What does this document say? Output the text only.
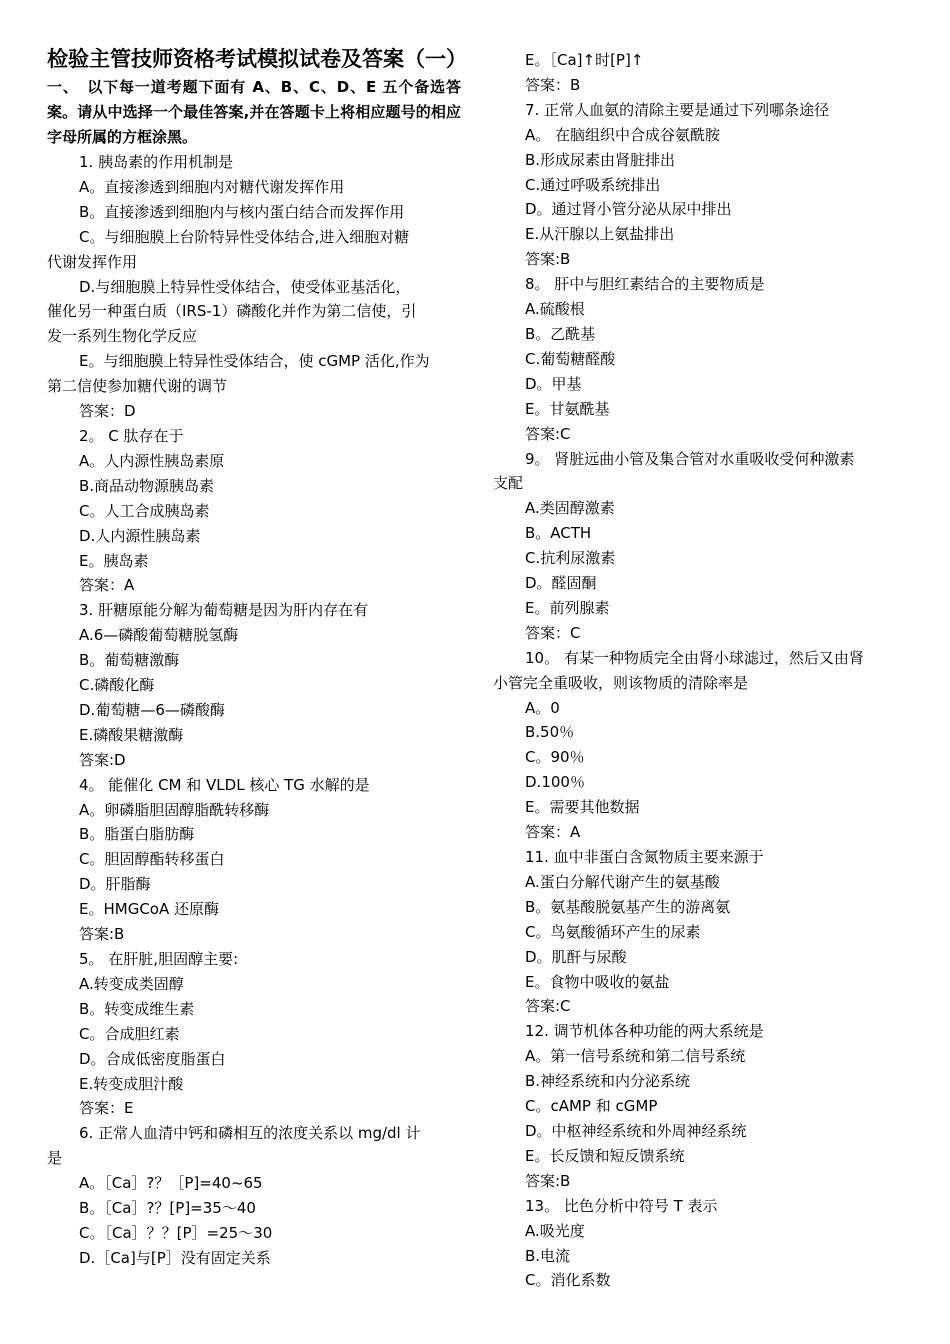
检验主管技师资格考试模拟试卷及答案（一）
一、　以下每一道考题下面有 A、B、C、D、E 五个备选答案。请从中选择一个最佳答案,并在答题卡上将相应题号的相应字母所属的方框涂黑。
1. 胰岛素的作用机制是
A。直接渗透到细胞内对糖代谢发挥作用
B。直接渗透到细胞内与核内蛋白结合而发挥作用
C。与细胞膜上台阶特异性受体结合,进入细胞对糖
代谢发挥作用
D.与细胞膜上特异性受体结合，使受体亚基活化，
催化另一种蛋白质（IRS-1）磷酸化并作为第二信使，引
发一系列生物化学反应
E。与细胞膜上特异性受体结合，使 cGMP 活化,作为
第二信使参加糖代谢的调节
答案：D
2。 C 肽存在于
A。人内源性胰岛素原
B.商品动物源胰岛素
C。人工合成胰岛素
D.人内源性胰岛素
E。胰岛素
答案：A
3. 肝糖原能分解为葡萄糖是因为肝内存在有
A.6—磷酸葡萄糖脱氢酶
B。葡萄糖激酶
C.磷酸化酶
D.葡萄糖—6—磷酸酶
E.磷酸果糖激酶
答案:D
4。 能催化 CM 和 VLDL 核心 TG 水解的是
A。卵磷脂胆固醇脂酰转移酶
B。脂蛋白脂肪酶
C。胆固醇酯转移蛋白
D。肝脂酶
E。HMGCoA 还原酶
答案:B
5。 在肝脏,胆固醇主要:
A.转变成类固醇
B。转变成维生素
C。合成胆红素
D。合成低密度脂蛋白
E.转变成胆汁酸
答案：E
6. 正常人血清中钙和磷相互的浓度关系以 mg/dl 计
是
A。［Ca］?？［P]=40~65
B。［Ca］?？[P]=35～40
C。［Ca］？？[P］=25～30
D.［Ca]与[P］没有固定关系
E。［Ca]↑时[P]↑
答案：B
7. 正常人血氨的清除主要是通过下列哪条途径
A。 在脑组织中合成谷氨酰胺
B.形成尿素由肾脏排出
C.通过呼吸系统排出
D。通过肾小管分泌从尿中排出
E.从汗腺以上氨盐排出
答案:B
8。 肝中与胆红素结合的主要物质是
A.硫酸根
B。乙酰基
C.葡萄糖醛酸
D。甲基
E。甘氨酰基
答案:C
9。 肾脏远曲小管及集合管对水重吸收受何种激素
支配
A.类固醇激素
B。ACTH
C.抗利尿激素
D。醛固酮
E。前列腺素
答案：C
10。 有某一种物质完全由肾小球滤过，然后又由肾
小管完全重吸收，则该物质的清除率是
A。0
B.50％
C。90％
D.100％
E。需要其他数据
答案：A
11. 血中非蛋白含氮物质主要来源于
A.蛋白分解代谢产生的氨基酸
B。氨基酸脱氨基产生的游离氨
C。鸟氨酸循环产生的尿素
D。肌酐与尿酸
E。食物中吸收的氨盐
答案:C
12. 调节机体各种功能的两大系统是
A。第一信号系统和第二信号系统
B.神经系统和内分泌系统
C。cAMP 和 cGMP
D。中枢神经系统和外周神经系统
E。长反馈和短反馈系统
答案:B
13。 比色分析中符号 T 表示
A.吸光度
B.电流
C。消化系数
